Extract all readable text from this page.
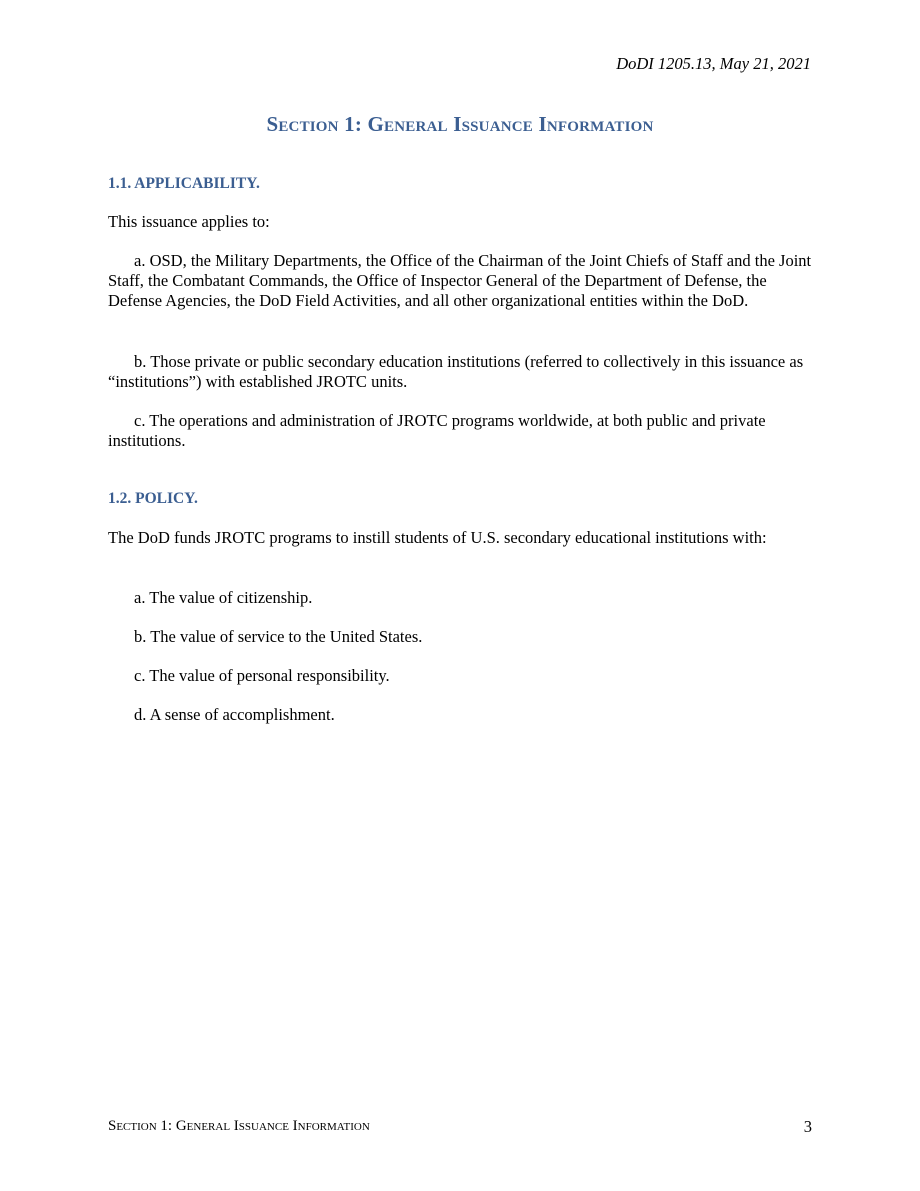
DoDI 1205.13, May 21, 2021
Section 1: General Issuance Information
1.1. APPLICABILITY.
This issuance applies to:
a. OSD, the Military Departments, the Office of the Chairman of the Joint Chiefs of Staff and the Joint Staff, the Combatant Commands, the Office of Inspector General of the Department of Defense, the Defense Agencies, the DoD Field Activities, and all other organizational entities within the DoD.
b. Those private or public secondary education institutions (referred to collectively in this issuance as “institutions”) with established JROTC units.
c. The operations and administration of JROTC programs worldwide, at both public and private institutions.
1.2. POLICY.
The DoD funds JROTC programs to instill students of U.S. secondary educational institutions with:
a. The value of citizenship.
b. The value of service to the United States.
c. The value of personal responsibility.
d. A sense of accomplishment.
Section 1: General Issuance Information	3
